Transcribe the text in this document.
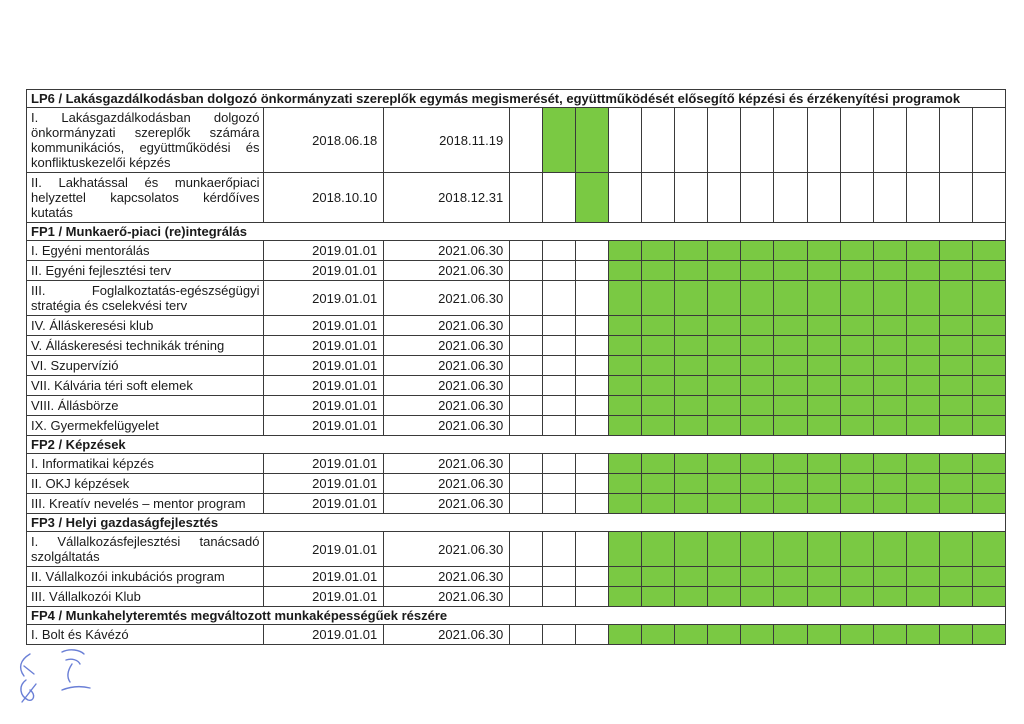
LP6 / Lakásgazdálkodásban dolgozó önkormányzati szereplők egymás megismerését, együttműködését elősegítő képzési és érzékenyítési programok																	
I. Lakásgazdálkodásban dolgozó önkormányzati szereplők számára kommunikációs, együttműködési és konfliktuskezelői képzés	2018.06.18	2018.11.19															
II. Lakhatással és munkaerőpiaci helyzettel kapcsolatos kérdőíves kutatás	2018.10.10	2018.12.31															
FP1 / Munkaerő-piaci (re)integrálás																	
I. Egyéni mentorálás	2019.01.01	2021.06.30															
II. Egyéni fejlesztési terv	2019.01.01	2021.06.30															
III. Foglalkoztatás-egészségügyi stratégia és cselekvési terv	2019.01.01	2021.06.30															
IV. Álláskeresési klub	2019.01.01	2021.06.30															
V. Álláskeresési technikák tréning	2019.01.01	2021.06.30															
VI. Szupervízió	2019.01.01	2021.06.30															
VII. Kálvária téri soft elemek	2019.01.01	2021.06.30															
VIII. Állásbörze	2019.01.01	2021.06.30															
IX. Gyermekfelügyelet	2019.01.01	2021.06.30															
FP2 / Képzések																	
I. Informatikai képzés	2019.01.01	2021.06.30															
II. OKJ képzések	2019.01.01	2021.06.30															
III. Kreatív nevelés – mentor program	2019.01.01	2021.06.30															
FP3 / Helyi gazdaságfejlesztés																	
I. Vállalkozásfejlesztési tanácsadó szolgáltatás	2019.01.01	2021.06.30															
II. Vállalkozói inkubációs program	2019.01.01	2021.06.30															
III. Vállalkozói Klub	2019.01.01	2021.06.30															
FP4 / Munkahelyteremtés megváltozott munkaképességűek részére																	
I. Bolt és Kávézó	2019.01.01	2021.06.30															
